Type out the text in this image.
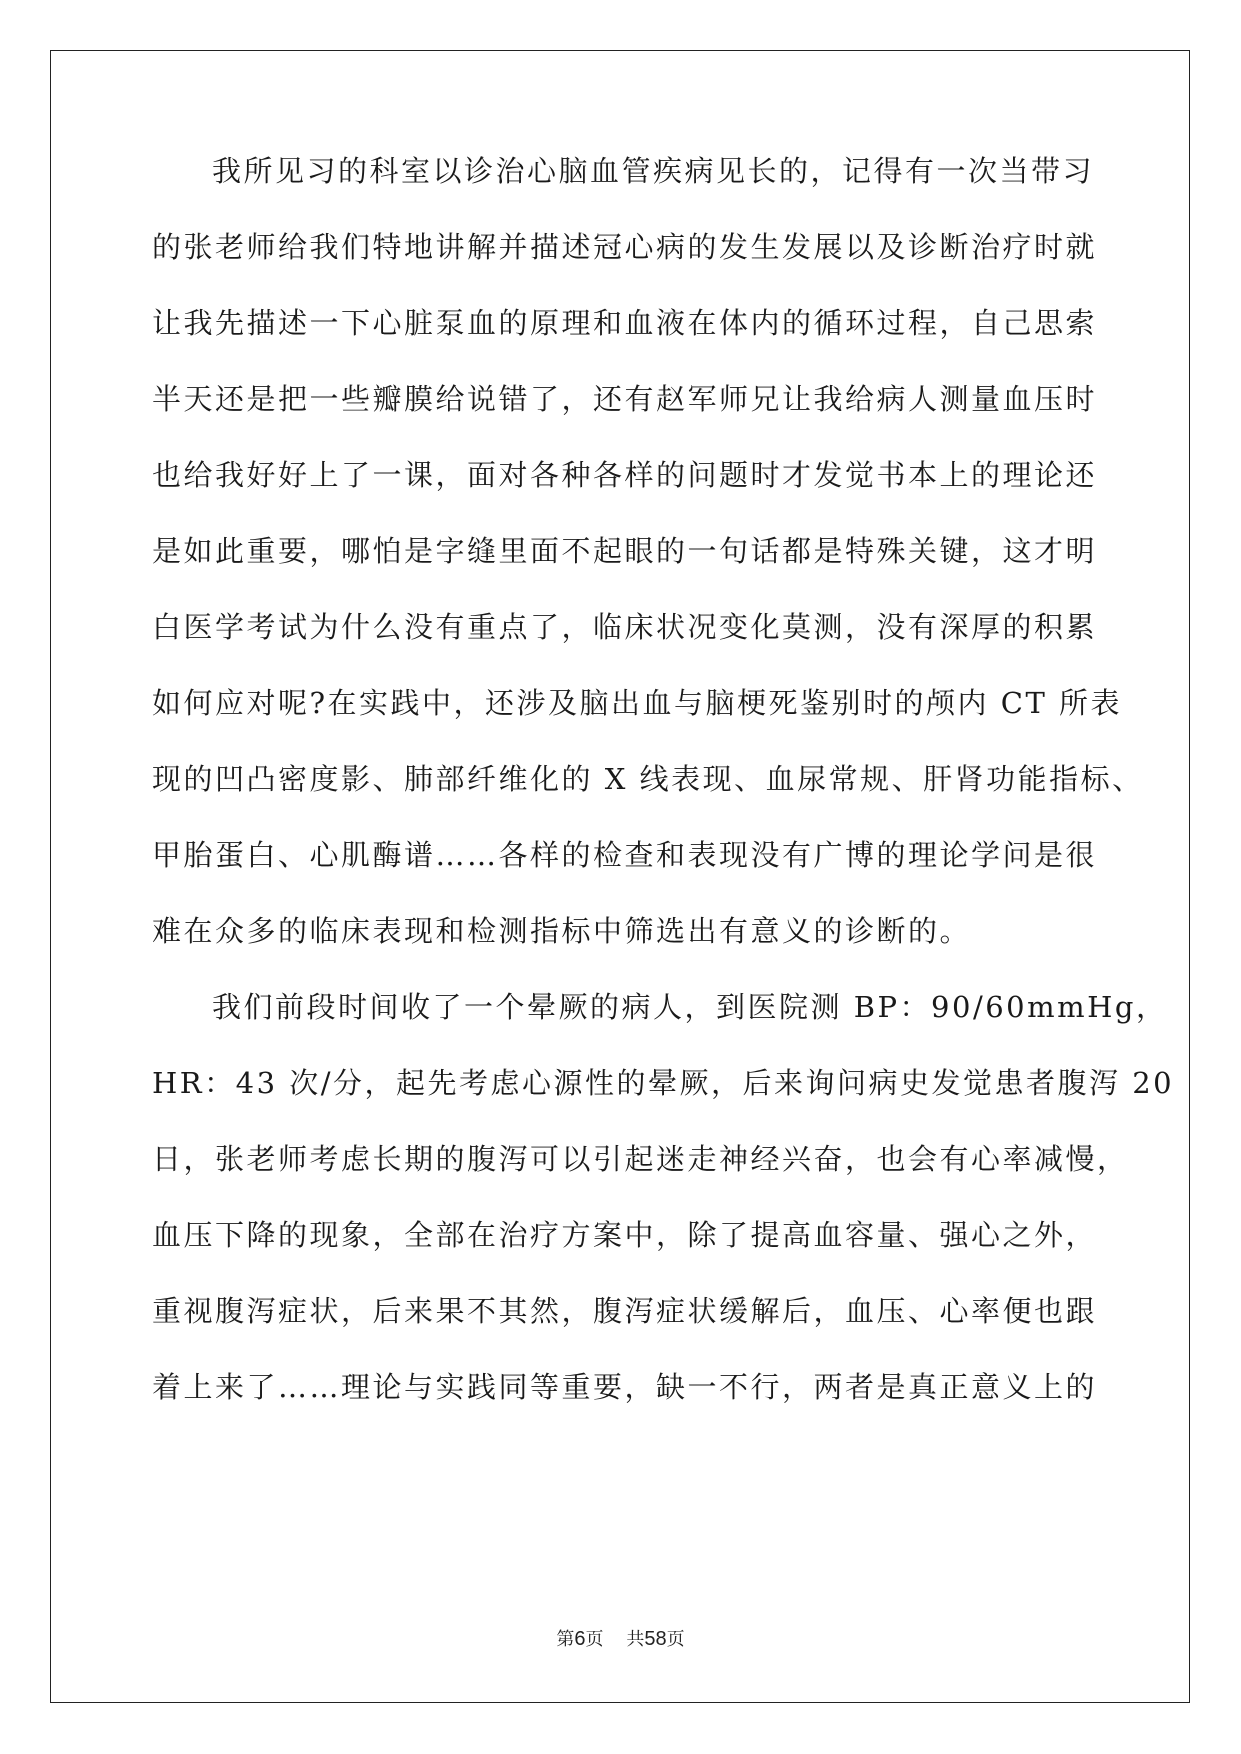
我所见习的科室以诊治心脑血管疾病见长的，记得有一次当带习
的张老师给我们特地讲解并描述冠心病的发生发展以及诊断治疗时就
让我先描述一下心脏泵血的原理和血液在体内的循环过程，自己思索
半天还是把一些瓣膜给说错了，还有赵军师兄让我给病人测量血压时
也给我好好上了一课，面对各种各样的问题时才发觉书本上的理论还
是如此重要，哪怕是字缝里面不起眼的一句话都是特殊关键，这才明
白医学考试为什么没有重点了，临床状况变化莫测，没有深厚的积累
如何应对呢?在实践中，还涉及脑出血与脑梗死鉴别时的颅内 CT 所表
现的凹凸密度影、肺部纤维化的 X 线表现、血尿常规、肝肾功能指标、
甲胎蛋白、心肌酶谱……各样的检查和表现没有广博的理论学问是很
难在众多的临床表现和检测指标中筛选出有意义的诊断的。
我们前段时间收了一个晕厥的病人，到医院测 BP：90/60mmHg，
HR：43 次/分，起先考虑心源性的晕厥，后来询问病史发觉患者腹泻 20
日，张老师考虑长期的腹泻可以引起迷走神经兴奋，也会有心率减慢，
血压下降的现象，全部在治疗方案中，除了提高血容量、强心之外，
重视腹泻症状，后来果不其然，腹泻症状缓解后，血压、心率便也跟
着上来了……理论与实践同等重要，缺一不行，两者是真正意义上的
第6页 共58页
